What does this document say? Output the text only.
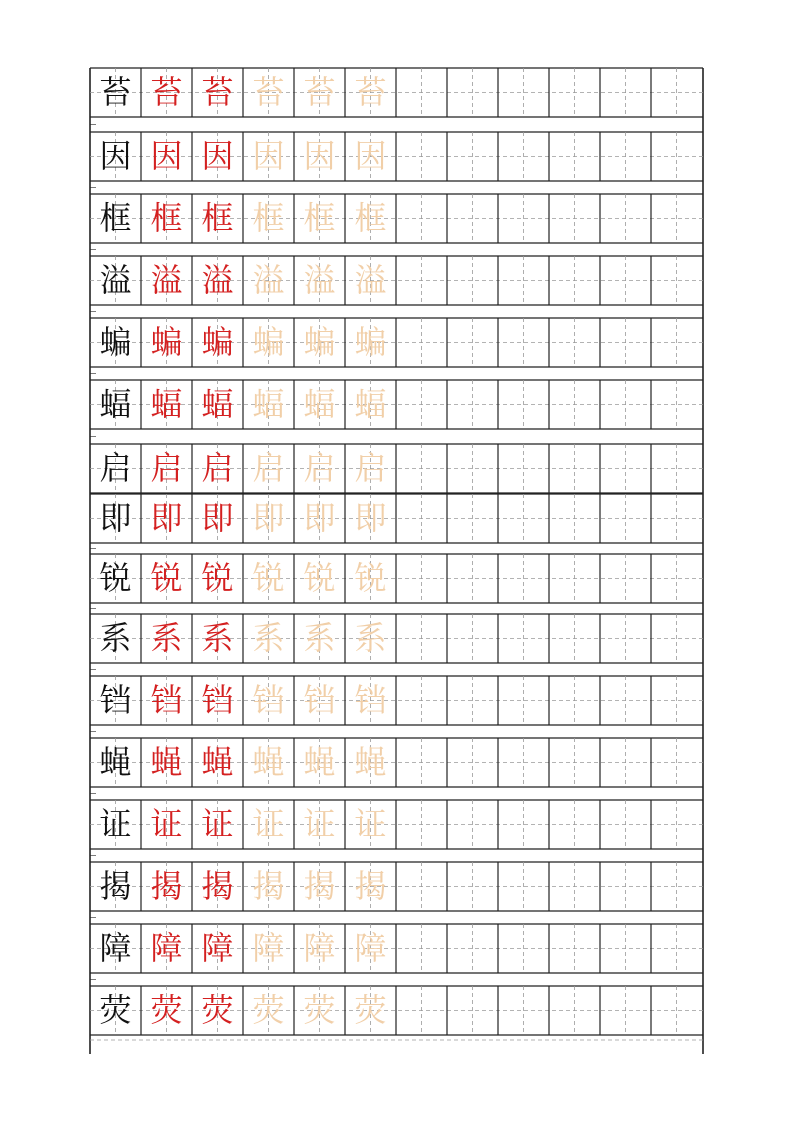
苔 苔 苔 苔 苔 苔
因 因 因 因 因 因
框 框 框 框 框 框
溢 溢 溢 溢 溢 溢
蝙 蝙 蝙 蝙 蝙 蝙
蝠 蝠 蝠 蝠 蝠 蝠
启 启 启 启 启 启
即 即 即 即 即 即
锐 锐 锐 锐 锐 锐
系 系 系 系 系 系
铛 铛 铛 铛 铛 铛
蝇 蝇 蝇 蝇 蝇 蝇
证 证 证 证 证 证
揭 揭 揭 揭 揭 揭
障 障 障 障 障 障
荧 荧 荧 荧 荧 荧
